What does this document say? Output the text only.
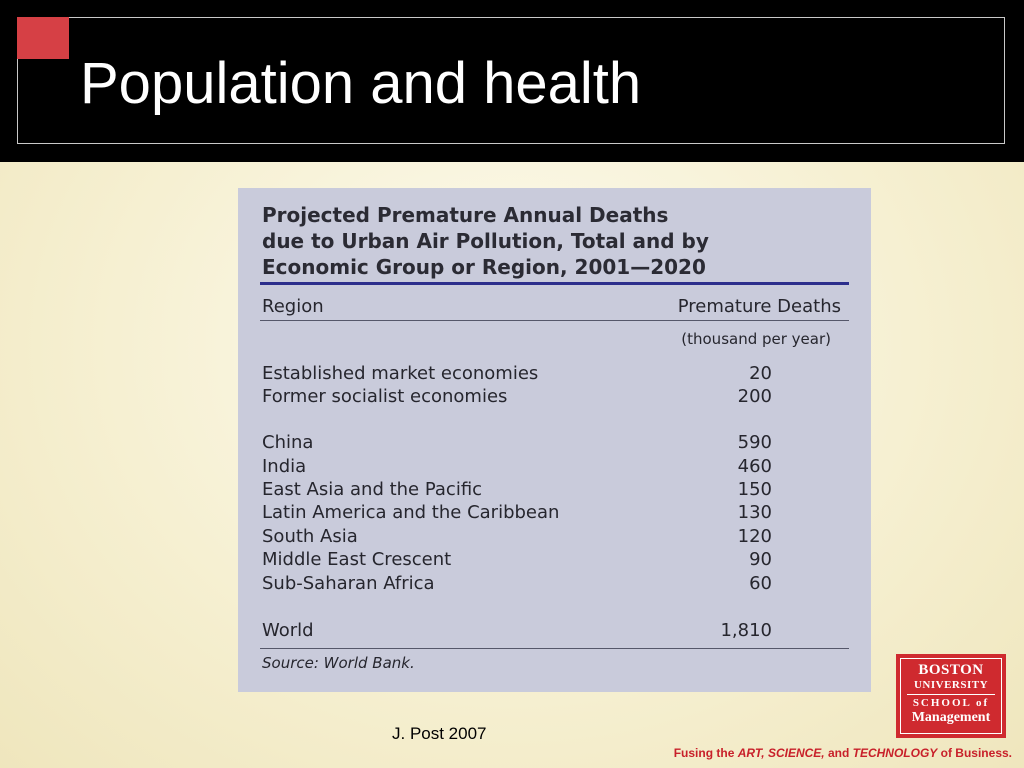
Population and health
Projected Premature Annual Deaths
due to Urban Air Pollution, Total and by
Economic Group or Region, 2001—2020
Region	Premature Deaths
(thousand per year)
Established market economies	20
Former socialist economies	200
China	590
India	460
East Asia and the Pacific	150
Latin America and the Caribbean	130
South Asia	120
Middle East Crescent	90
Sub-Saharan Africa	60
World	1,810
Source: World Bank.
J. Post 2007
BOSTON
UNIVERSITY
SCHOOL of
Management
Fusing the ART, SCIENCE, and TECHNOLOGY of Business.
